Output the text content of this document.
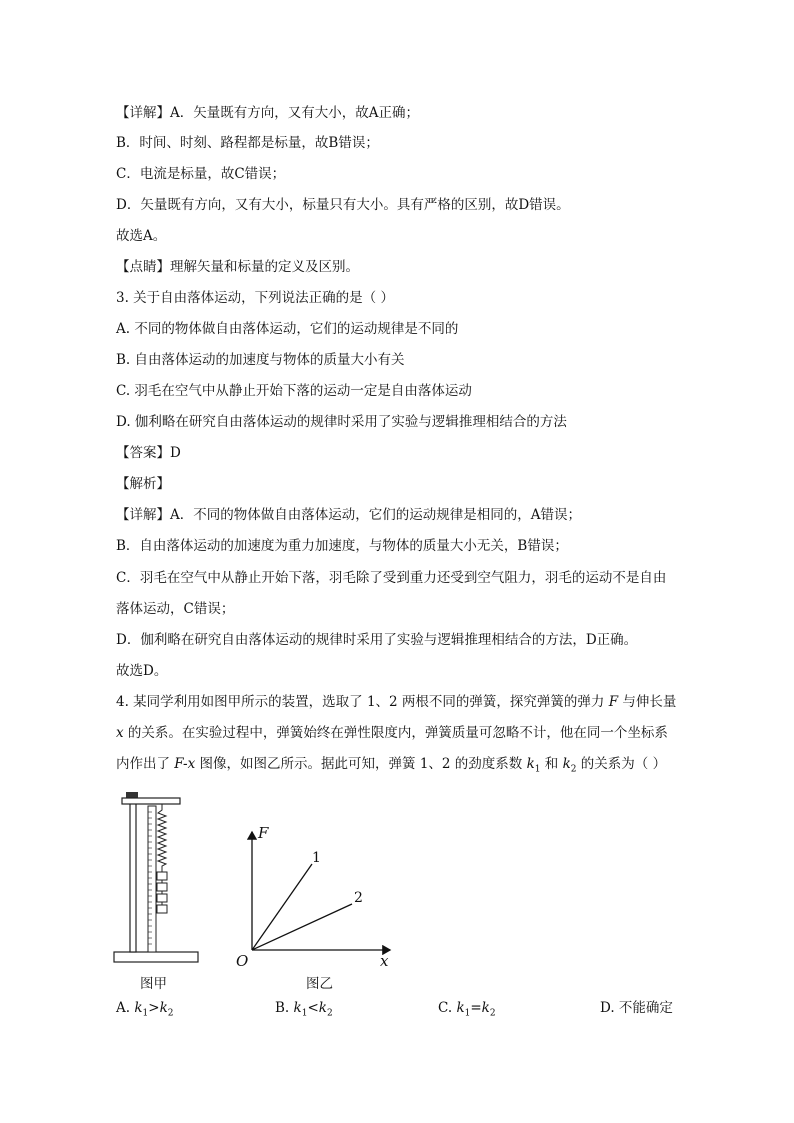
【详解】A．矢量既有方向，又有大小，故A正确；
B．时间、时刻、路程都是标量，故B错误；
C．电流是标量，故C错误；
D．矢量既有方向，又有大小，标量只有大小。具有严格的区别，故D错误。
故选A。
【点睛】理解矢量和标量的定义及区别。
3. 关于自由落体运动，下列说法正确的是（ ）
A. 不同的物体做自由落体运动，它们的运动规律是不同的
B. 自由落体运动的加速度与物体的质量大小有关
C. 羽毛在空气中从静止开始下落的运动一定是自由落体运动
D. 伽利略在研究自由落体运动的规律时采用了实验与逻辑推理相结合的方法
【答案】D
【解析】
【详解】A．不同的物体做自由落体运动，它们的运动规律是相同的，A错误；
B．自由落体运动的加速度为重力加速度，与物体的质量大小无关，B错误；
C．羽毛在空气中从静止开始下落，羽毛除了受到重力还受到空气阻力，羽毛的运动不是自由
落体运动，C错误；
D．伽利略在研究自由落体运动的规律时采用了实验与逻辑推理相结合的方法，D正确。
故选D。
4. 某同学利用如图甲所示的装置，选取了 1、2 两根不同的弹簧，探究弹簧的弹力 F 与伸长量
x 的关系。在实验过程中，弹簧始终在弹性限度内，弹簧质量可忽略不计，他在同一个坐标系
内作出了 F-x 图像，如图乙所示。据此可知，弹簧 1、2 的劲度系数 $k_1$ 和 $k_2$ 的关系为（ ）
图甲
F
x
O
1
2
图乙
A. $k_1>k_2$	B. $k_1<k_2$	C. $k_1=k_2$	D. 不能确定
